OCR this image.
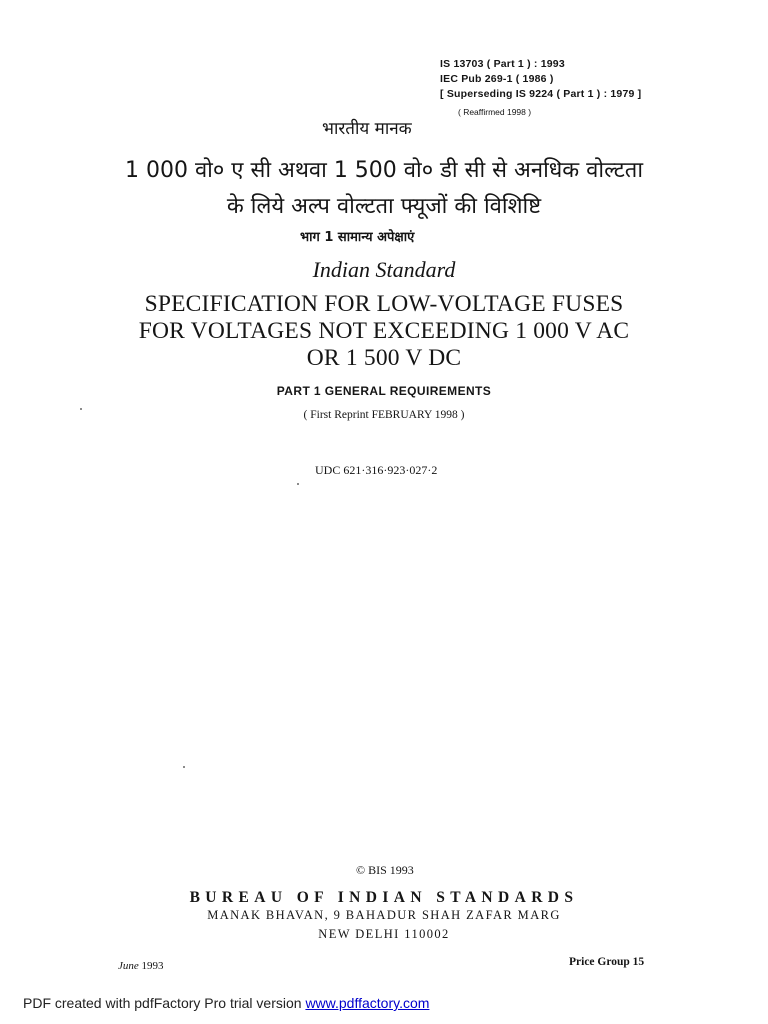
IS 13703 ( Part 1 ) : 1993
IEC Pub 269-1 ( 1986 )
[ Superseding IS 9224 ( Part 1 ) : 1979 ]
( Reaffirmed 1998 )
भारतीय मानक
1 000 वो० ए सी अथवा 1 500 वो० डी सी से अनधिक वोल्टता
के लिये अल्प वोल्टता फ्यूजों की विशिष्टि
भाग 1 सामान्य अपेक्षाएं
Indian Standard
SPECIFICATION FOR LOW-VOLTAGE FUSES
FOR VOLTAGES NOT EXCEEDING 1 000 V AC
OR 1 500 V DC
PART 1 GENERAL REQUIREMENTS
( First Reprint FEBRUARY 1998 )
UDC 621·316·923·027·2
© BIS 1993
BUREAU OF INDIAN STANDARDS
MANAK BHAVAN, 9 BAHADUR SHAH ZAFAR MARG
NEW DELHI 110002
June 1993	Price Group 15
PDF created with pdfFactory Pro trial version www.pdffactory.com
